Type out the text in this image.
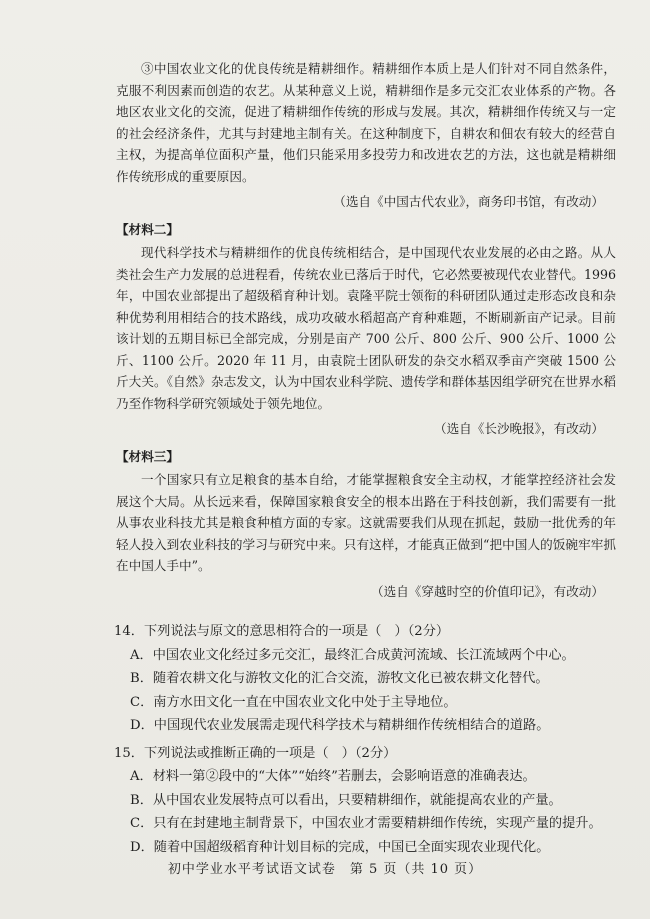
③中国农业文化的优良传统是精耕细作。精耕细作本质上是人们针对不同自然条件，克服不利因素而创造的农艺。从某种意义上说，精耕细作是多元交汇农业体系的产物。各地区农业文化的交流，促进了精耕细作传统的形成与发展。其次，精耕细作传统又与一定的社会经济条件，尤其与封建地主制有关。在这种制度下，自耕农和佃农有较大的经营自主权，为提高单位面积产量，他们只能采用多投劳力和改进农艺的方法，这也就是精耕细作传统形成的重要原因。

（选自《中国古代农业》，商务印书馆，有改动）
【材料二】

现代科学技术与精耕细作的优良传统相结合，是中国现代农业发展的必由之路。从人类社会生产力发展的总进程看，传统农业已落后于时代，它必然要被现代农业替代。1996 年，中国农业部提出了超级稻育种计划。袁隆平院士领衔的科研团队通过走形态改良和杂种优势利用相结合的技术路线，成功攻破水稻超高产育种难题，不断刷新亩产记录。目前该计划的五期目标已全部完成，分别是亩产 700 公斤、800 公斤、900 公斤、1000 公斤、1100 公斤。2020 年 11 月，由袁院士团队研发的杂交水稻双季亩产突破 1500 公斤大关。《自然》杂志发文，认为中国农业科学院、遗传学和群体基因组学研究在世界水稻乃至作物科学研究领域处于领先地位。

（选自《长沙晚报》，有改动）
【材料三】

一个国家只有立足粮食的基本自给，才能掌握粮食安全主动权，才能掌控经济社会发展这个大局。从长远来看，保障国家粮食安全的根本出路在于科技创新，我们需要有一批从事农业科技尤其是粮食种植方面的专家。这就需要我们从现在抓起，鼓励一批优秀的年轻人投入到农业科技的学习与研究中来。只有这样，才能真正做到“把中国人的饭碗牢牢抓在中国人手中”。

（选自《穿越时空的价值印记》，有改动）
14．下列说法与原文的意思相符合的一项是（　）（2分）
A．中国农业文化经过多元交汇，最终汇合成黄河流域、长江流域两个中心。
B．随着农耕文化与游牧文化的汇合交流，游牧文化已被农耕文化替代。
C．南方水田文化一直在中国农业文化中处于主导地位。
D．中国现代农业发展需走现代科学技术与精耕细作传统相结合的道路。
15．下列说法或推断正确的一项是（　）（2分）
A．材料一第②段中的“大体”“始终”若删去，会影响语意的准确表达。
B．从中国农业发展特点可以看出，只要精耕细作，就能提高农业的产量。
C．只有在封建地主制背景下，中国农业才需要精耕细作传统，实现产量的提升。
D．随着中国超级稻育种计划目标的完成，中国已全面实现农业现代化。
初中学业水平考试语文试卷　第 5 页（共 10 页）
